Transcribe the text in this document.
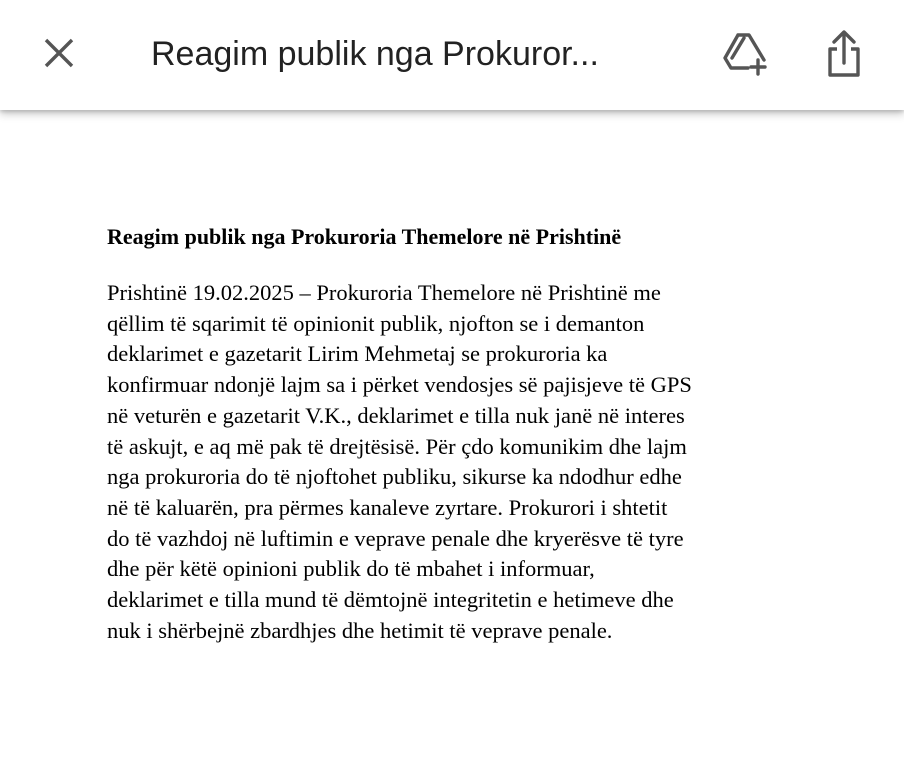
Reagim publik nga Prokuror...
Reagim publik nga Prokuroria Themelore në Prishtinë
Prishtinë 19.02.2025 – Prokuroria Themelore në Prishtinë me
qëllim të sqarimit të opinionit publik, njofton se i demanton
deklarimet e gazetarit Lirim Mehmetaj se prokuroria ka
konfirmuar ndonjë lajm sa i përket vendosjes së pajisjeve të GPS
në veturën e gazetarit V.K., deklarimet e tilla nuk janë në interes
të askujt, e aq më pak të drejtësisë. Për çdo komunikim dhe lajm
nga prokuroria do të njoftohet publiku, sikurse ka ndodhur edhe
në të kaluarën, pra përmes kanaleve zyrtare. Prokurori i shtetit
do të vazhdoj në luftimin e veprave penale dhe kryerësve të tyre
dhe për këtë opinioni publik do të mbahet i informuar,
deklarimet e tilla mund të dëmtojnë integritetin e hetimeve dhe
nuk i shërbejnë zbardhjes dhe hetimit të veprave penale.
